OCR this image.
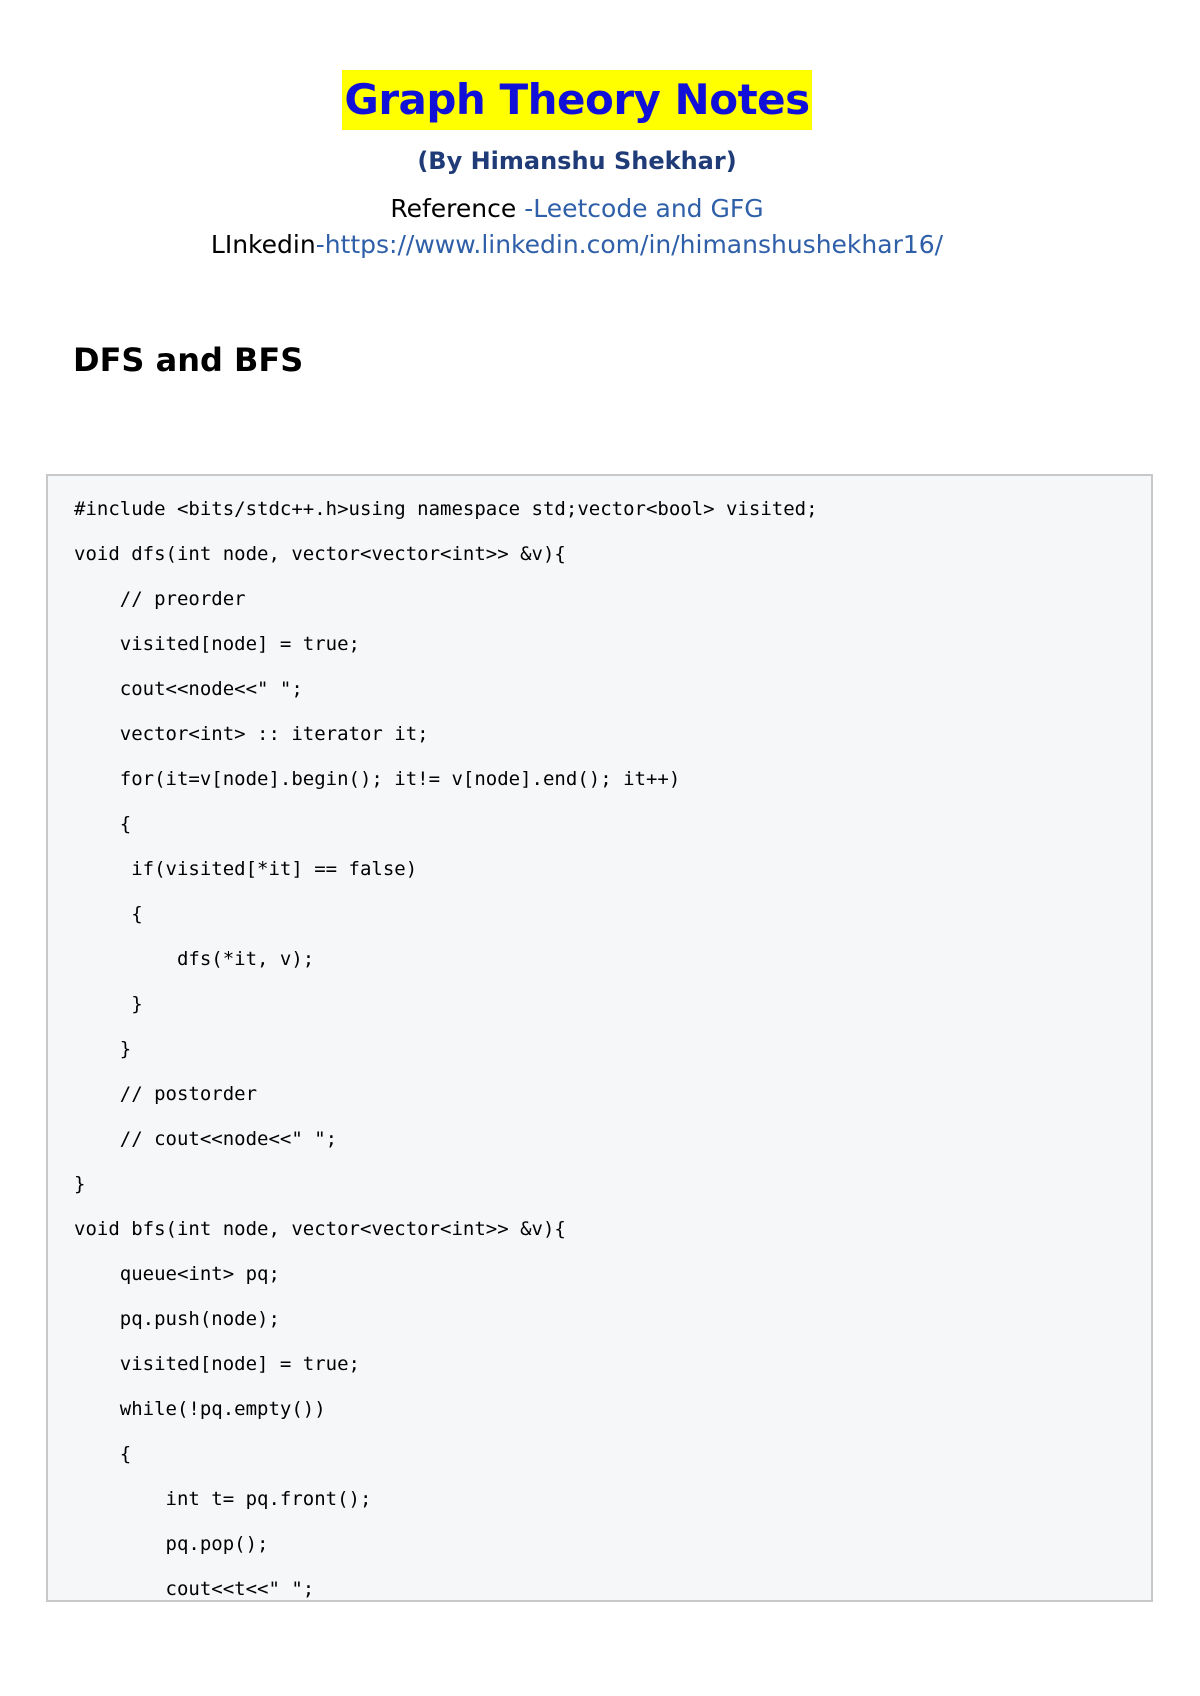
Graph Theory Notes
(By Himanshu Shekhar)
Reference -Leetcode and GFG
LInkedin-https://www.linkedin.com/in/himanshushekhar16/
DFS and BFS
#include <bits/stdc++.h>using namespace std;vector<bool> visited;
void dfs(int node, vector<vector<int>> &v){
// preorder
visited[node] = true;
cout<<node<<" ";
vector<int> :: iterator it;
for(it=v[node].begin(); it!= v[node].end(); it++)
{
if(visited[*it] == false)
{
dfs(*it, v);
}
}
// postorder
// cout<<node<<" ";
}
void bfs(int node, vector<vector<int>> &v){
queue<int> pq;
pq.push(node);
visited[node] = true;
while(!pq.empty())
{
int t= pq.front();
pq.pop();
cout<<t<<" ";
